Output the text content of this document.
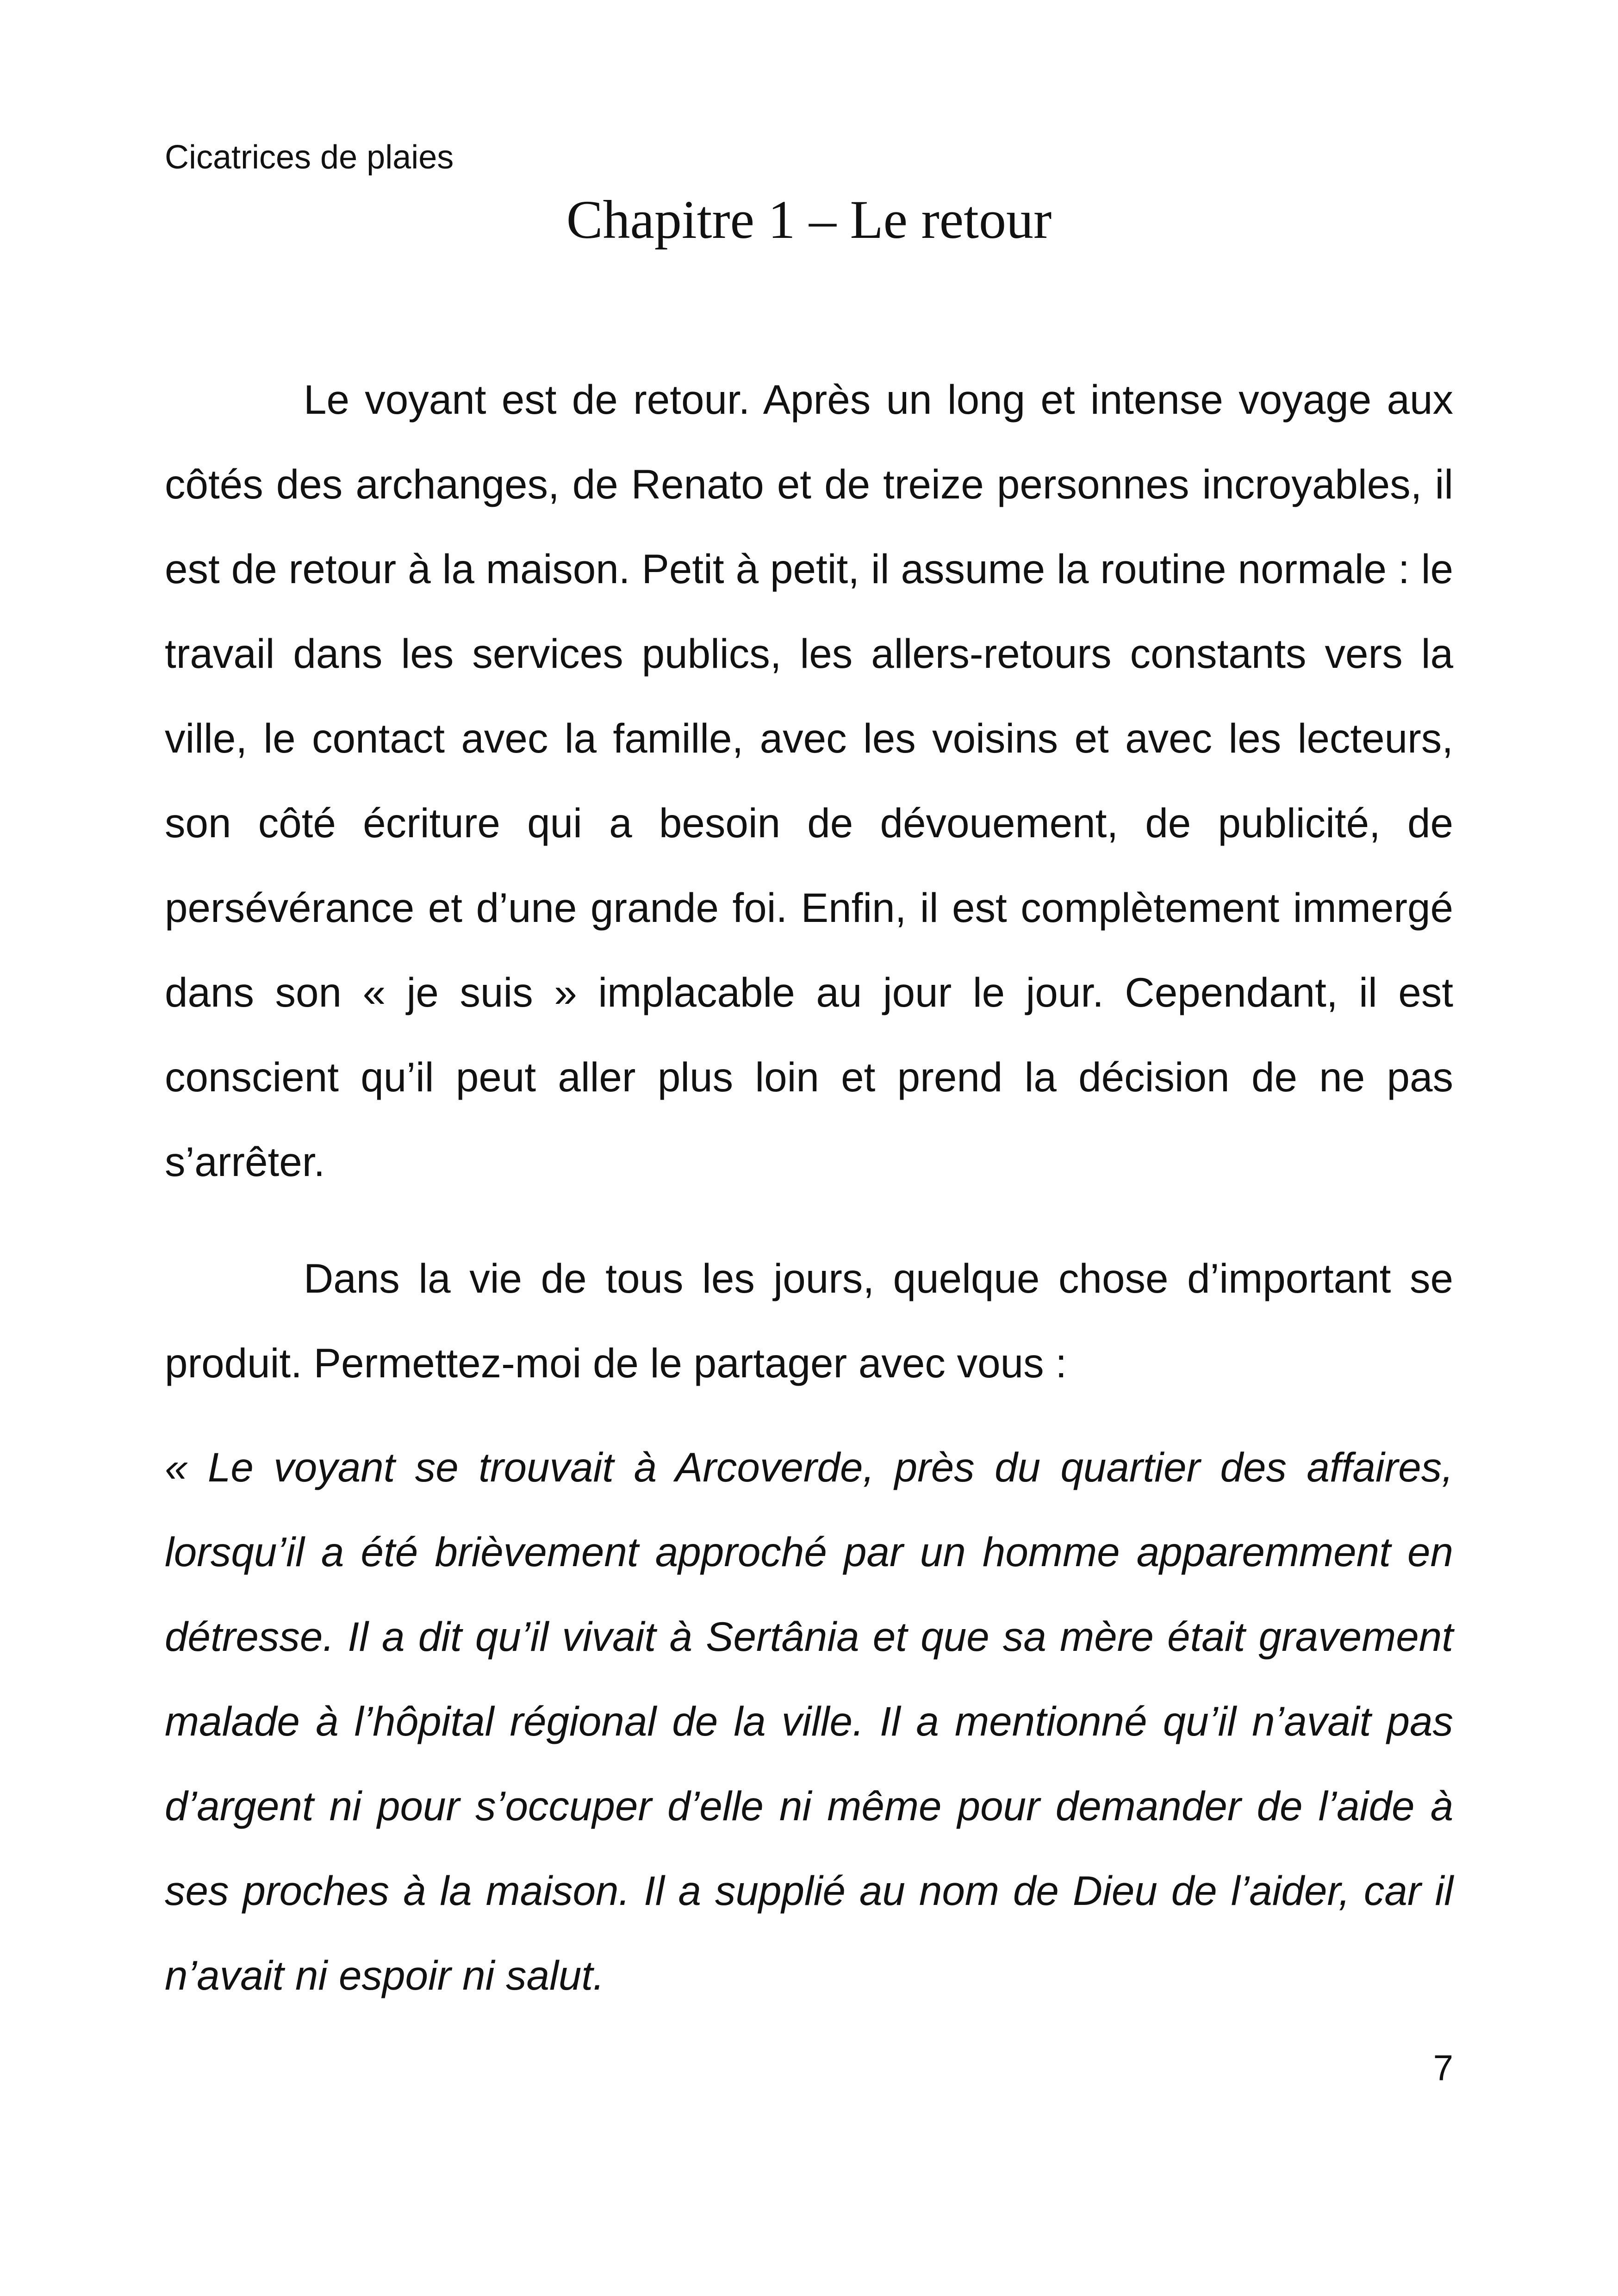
Cicatrices de plaies
Chapitre 1 – Le retour

Le voyant est de retour. Après un long et intense voyage aux côtés des archanges, de Renato et de treize personnes incroyables, il est de retour à la maison. Petit à petit, il assume la routine normale : le travail dans les services publics, les allers-retours constants vers la ville, le contact avec la famille, avec les voisins et avec les lecteurs, son côté écriture qui a besoin de dévouement, de publicité, de persévérance et d’une grande foi. Enfin, il est complètement immergé dans son « je suis » implacable au jour le jour. Cependant, il est conscient qu’il peut aller plus loin et prend la décision de ne pas s’arrêter.

Dans la vie de tous les jours, quelque chose d’important se produit. Permettez-moi de le partager avec vous :

« Le voyant se trouvait à Arcoverde, près du quartier des affaires, lorsqu’il a été brièvement approché par un homme apparemment en détresse. Il a dit qu’il vivait à Sertânia et que sa mère était gravement malade à l’hôpital régional de la ville. Il a mentionné qu’il n’avait pas d’argent ni pour s’occuper d’elle ni même pour demander de l’aide à ses proches à la maison. Il a supplié au nom de Dieu de l’aider, car il n’avait ni espoir ni salut.

7
